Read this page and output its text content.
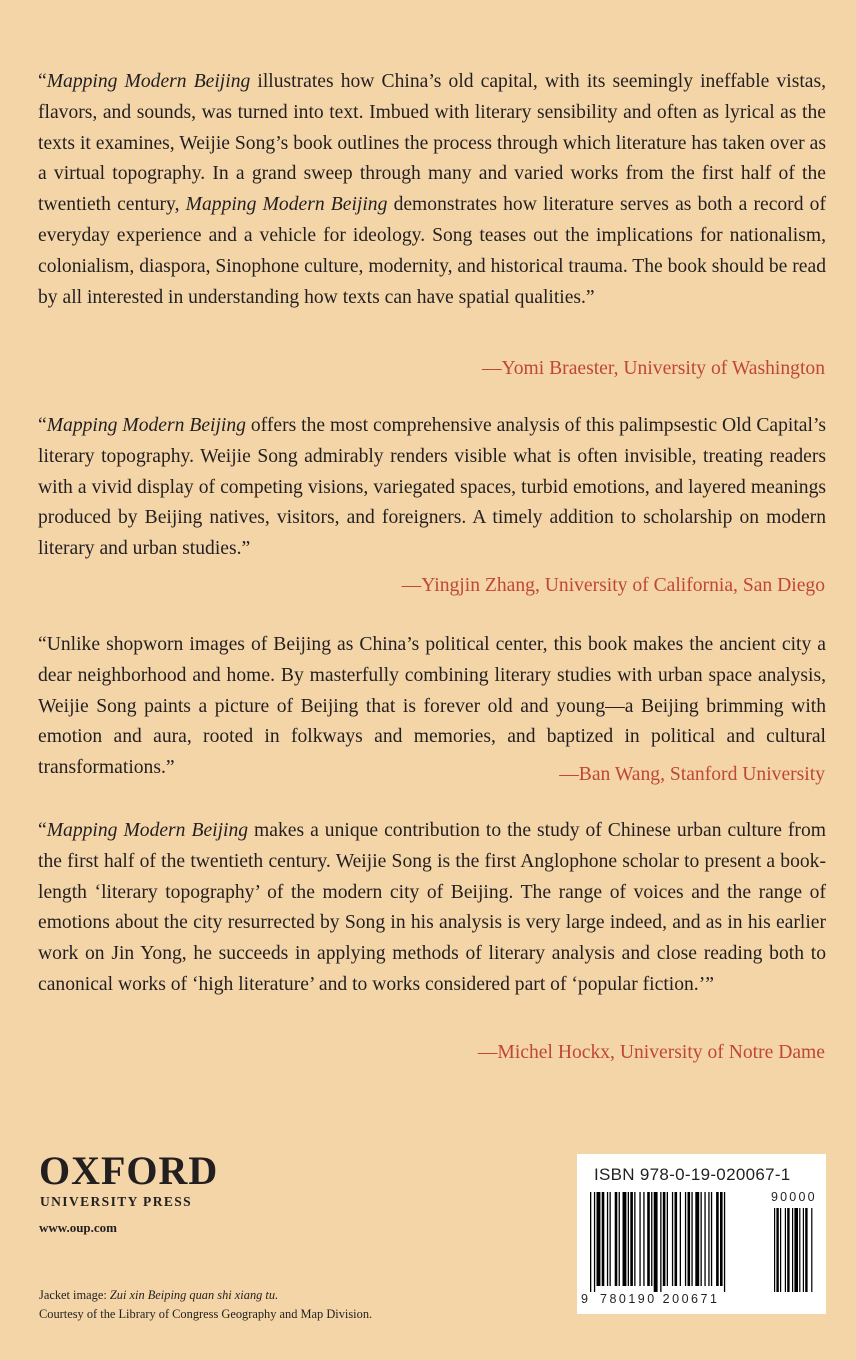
“Mapping Modern Beijing illustrates how China’s old capital, with its seemingly ineffable vistas, flavors, and sounds, was turned into text. Imbued with literary sensibility and often as lyrical as the texts it examines, Weijie Song’s book outlines the process through which literature has taken over as a virtual topography. In a grand sweep through many and varied works from the first half of the twentieth century, Mapping Modern Beijing demonstrates how literature serves as both a record of everyday experience and a vehicle for ideology. Song teases out the implications for nationalism, colonialism, diaspora, Sinophone culture, modernity, and historical trauma. The book should be read by all interested in understanding how texts can have spatial qualities.”

—Yomi Braester, University of Washington

“Mapping Modern Beijing offers the most comprehensive analysis of this palimpsestic Old Capital’s literary topography. Weijie Song admirably renders visible what is often invisible, treating readers with a vivid display of competing visions, variegated spaces, turbid emotions, and layered meanings produced by Beijing natives, visitors, and foreigners. A timely addition to scholarship on modern literary and urban studies.”

—Yingjin Zhang, University of California, San Diego

“Unlike shopworn images of Beijing as China’s political center, this book makes the ancient city a dear neighborhood and home. By masterfully combining literary studies with urban space analysis, Weijie Song paints a picture of Beijing that is forever old and young—a Beijing brimming with emotion and aura, rooted in folkways and memories, and baptized in political and cultural transformations.”	—Ban Wang, Stanford University

“Mapping Modern Beijing makes a unique contribution to the study of Chinese urban culture from the first half of the twentieth century. Weijie Song is the first Anglophone scholar to present a book-length ‘literary topography’ of the modern city of Beijing. The range of voices and the range of emotions about the city resurrected by Song in his analysis is very large indeed, and as in his earlier work on Jin Yong, he succeeds in applying methods of literary analysis and close reading both to canonical works of ‘high literature’ and to works considered part of ‘popular fiction.’”

—Michel Hockx, University of Notre Dame

OXFORD

UNIVERSITY PRESS

www.oup.com

Jacket image: Zui xin Beiping quan shi xiang tu.

Courtesy of the Library of Congress Geography and Map Division.

ISBN 978-0-19-020067-1

9 780190 200671

90000
